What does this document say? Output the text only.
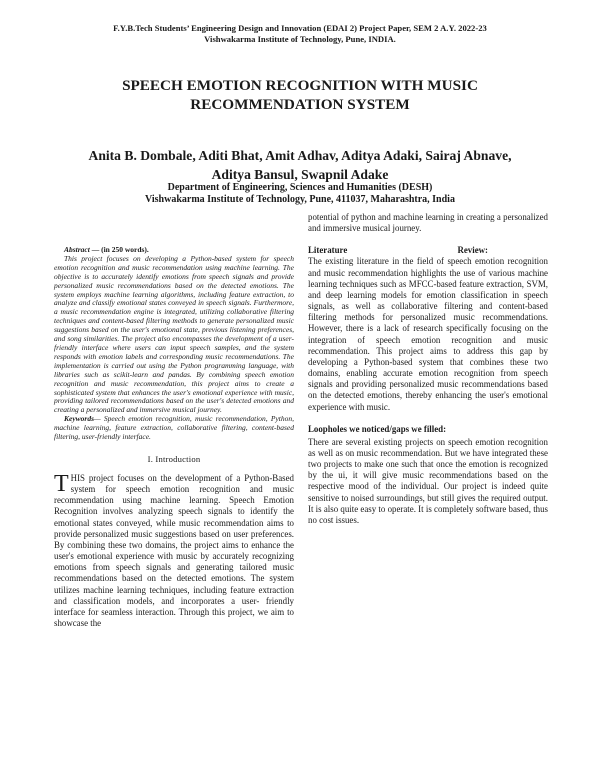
F.Y.B.Tech Students’ Engineering Design and Innovation (EDAI 2) Project Paper, SEM 2 A.Y. 2022-23
Vishwakarma Institute of Technology, Pune, INDIA.
SPEECH EMOTION RECOGNITION WITH MUSIC RECOMMENDATION SYSTEM
Anita B. Dombale, Aditi Bhat, Amit Adhav, Aditya Adaki, Sairaj Abnave,
Aditya Bansul, Swapnil Adake
Department of Engineering, Sciences and Humanities (DESH)
Vishwakarma Institute of Technology, Pune, 411037, Maharashtra, India

Abstract — (in 250 words).

This project focuses on developing a Python-based system for speech emotion recognition and music recommendation using machine learning. The objective is to accurately identify emotions from speech signals and provide personalized music recommendations based on the detected emotions. The system employs machine learning algorithms, including feature extraction, to analyze and classify emotional states conveyed in speech signals. Furthermore, a music recommendation engine is integrated, utilizing collaborative filtering techniques and content-based filtering methods to generate personalized music suggestions based on the user's emotional state, previous listening preferences, and song similarities. The project also encompasses the development of a user-friendly interface where users can input speech samples, and the system responds with emotion labels and corresponding music recommendations. The implementation is carried out using the Python programming language, with libraries such as scikit-learn and pandas. By combining speech emotion recognition and music recommendation, this project aims to create a sophisticated system that enhances the user's emotional experience with music, providing tailored recommendations based on the user's detected emotions and creating a personalized and immersive musical journey.

Keywords— Speech emotion recognition, music recommendation, Python, machine learning, feature extraction, collaborative filtering, content-based filtering, user-friendly interface.

I. Introduction

THIS project focuses on the development of a Python-Based system for speech emotion recognition and music recommendation using machine learning. Speech Emotion Recognition involves analyzing speech signals to identify the emotional states conveyed, while music recommendation aims to provide personalized music suggestions based on user preferences. By combining these two domains, the project aims to enhance the user's emotional experience with music by accurately recognizing emotions from speech signals and generating tailored music recommendations based on the detected emotions. The system utilizes machine learning techniques, including feature extraction and classification models, and incorporates a user- friendly interface for seamless interaction. Through this project, we aim to showcase the

potential of python and machine learning in creating a personalized and immersive musical journey.

Literature	Review:

The existing literature in the field of speech emotion recognition and music recommendation highlights the use of various machine learning techniques such as MFCC-based feature extraction, SVM, and deep learning models for emotion classification in speech signals, as well as collaborative filtering and content-based filtering methods for personalized music recommendations. However, there is a lack of research specifically focusing on the integration of speech emotion recognition and music recommendation. This project aims to address this gap by developing a Python-based system that combines these two domains, enabling accurate emotion recognition from speech signals and providing personalized music recommendations based on the detected emotions, thereby enhancing the user's emotional experience with music.

Loopholes we noticed/gaps we filled:

There are several existing projects on speech emotion recognition as well as on music recommendation. But we have integrated these two projects to make one such that once the emotion is recognized by the ui, it will give music recommendations based on the respective mood of the individual. Our project is indeed quite sensitive to noised surroundings, but still gives the required output. It is also quite easy to operate. It is completely software based, thus no cost issues.
